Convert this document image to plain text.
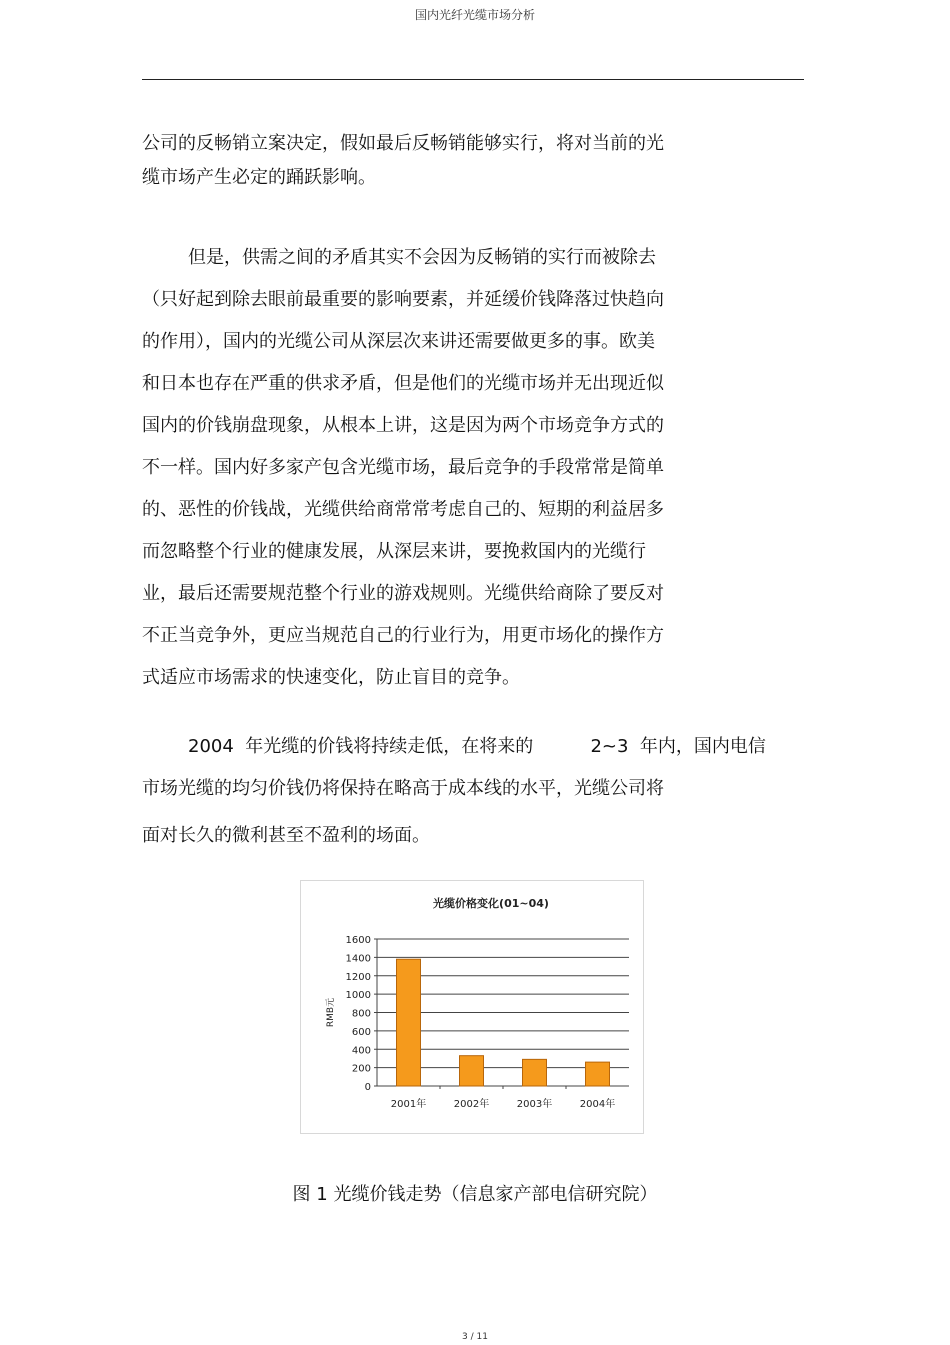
国内光纤光缆市场分析
公司的反畅销立案决定，假如最后反畅销能够实行，将对当前的光
缆市场产生必定的踊跃影响。
但是，供需之间的矛盾其实不会因为反畅销的实行而被除去
（只好起到除去眼前最重要的影响要素，并延缓价钱降落过快趋向
的作用），国内的光缆公司从深层次来讲还需要做更多的事。欧美
和日本也存在严重的供求矛盾，但是他们的光缆市场并无出现近似
国内的价钱崩盘现象，从根本上讲，这是因为两个市场竞争方式的
不一样。国内好多家产包含光缆市场，最后竞争的手段常常是简单
的、恶性的价钱战，光缆供给商常常考虑自己的、短期的利益居多
而忽略整个行业的健康发展，从深层来讲，要挽救国内的光缆行
业，最后还需要规范整个行业的游戏规则。光缆供给商除了要反对
不正当竞争外，更应当规范自己的行业行为，用更市场化的操作方
式适应市场需求的快速变化，防止盲目的竞争。
2004  年光缆的价钱将持续走低，在将来的          2~3  年内，国内电信
市场光缆的均匀价钱仍将保持在略高于成本线的水平，光缆公司将
面对长久的微利甚至不盈利的场面。
光缆价格变化(01~04)
0
200
400
600
800
1000
1200
1400
1600
RMB元
2001年	2002年	2003年	2004年
图 1 光缆价钱走势（信息家产部电信研究院）
3 / 11
